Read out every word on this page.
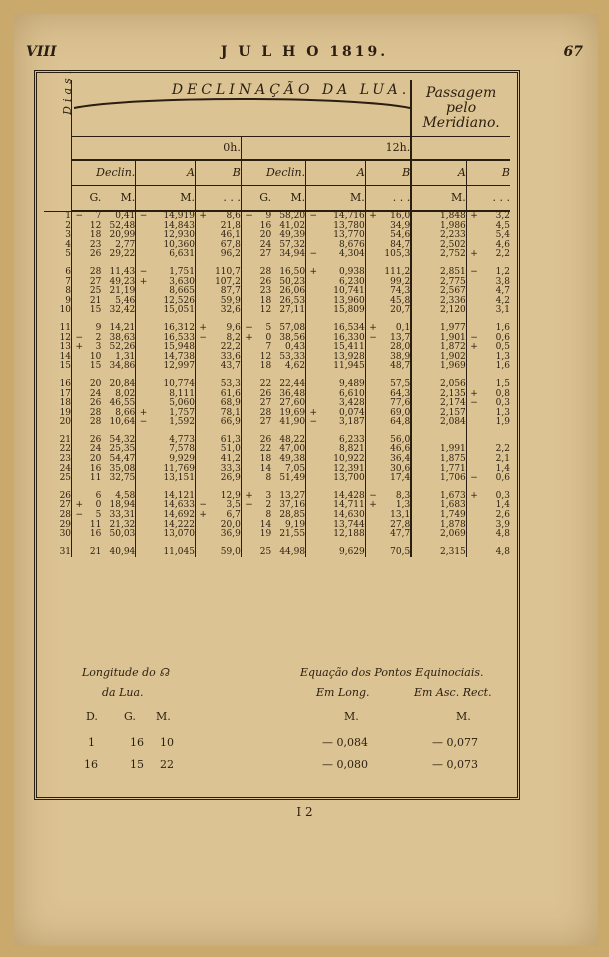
VIII	J U L H O 1819.	67
Dias.	DECLINAÇÃO DA LUA.														Passagem
pelo
Meridiano.		

	0h.							12h.									
	Declin.			A		B		Declin.			A		B		A	B	
	G.		M.	M.		. . .		G.		M.	M.		. . .		M.	. . .	
1	−	7	0,41	−	14,919	+	8,6	−	9	58,20	−	14,716	+	16,0	1,848	+	3,2
2		12	52,48		14,843		21,8		16	41,02		13,780		34,9	1,986		4,5
3		18	20,99		12,930		46,1		20	49,39		13,770		54,6	2,233		5,4
4		23	2,77		10,360		67,8		24	57,32		8,676		84,7	2,502		4,6
5		26	29,22		6,631		96,2		27	34,94	−	4,304		105,3	2,752	+	2,2

6		28	11,43	−	1,751		110,7		28	16,50	+	0,938		111,2	2,851	−	1,2
7		27	49,23	+	3,630		107,2		26	50,23		6,230		99,2	2,775		3,8
8		25	21,19		8,665		87,7		23	26,06		10,741		74,3	2,567		4,7
9		21	5,46		12,526		59,9		18	26,53		13,960		45,8	2,336		4,2
10		15	32,42		15,051		32,6		12	27,11		15,809		20,7	2,120		3,1

11		9	14,21		16,312	+	9,6	−	5	57,08		16,534	+	0,1	1,977		1,6
12	−	2	38,63		16,533	−	8,2	+	0	38,56		16,330	−	13,7	1,901	−	0,6
13	+	3	52,26		15,948		22,2		7	0,43		15,411		28,0	1,872	+	0,5
14		10	1,31		14,738		33,6		12	53,33		13,928		38,9	1,902		1,3
15		15	34,86		12,997		43,7		18	4,62		11,945		48,7	1,969		1,6

16		20	20,84		10,774		53,3		22	22,44		9,489		57,5	2,056		1,5
17		24	8,02		8,111		61,6		26	36,48		6,610		64,3	2,135	+	0,8
18		26	46,55		5,060		68,9		27	27,60		3,428		77,6	2,174	−	0,3
19		28	8,66	+	1,757		78,1		28	19,69	+	0,074		69,0	2,157		1,3
20		28	10,64	−	1,592		66,9		27	41,90	−	3,187		64,8	2,084		1,9

21		26	54,32		4,773		61,3		26	48,22		6,233		56,0			
22		24	25,35		7,578		51,0		22	47,00		8,821		46,6	1,991		2,2
23		20	54,47		9,929		41,2		18	49,38		10,922		36,4	1,875		2,1
24		16	35,08		11,769		33,3		14	7,05		12,391		30,6	1,771		1,4
25		11	32,75		13,151		26,9		8	51,49		13,700		17,4	1,706	−	0,6

26		6	4,58		14,121		12,9	+	3	13,27		14,428	−	8,3	1,673	+	0,3
27	+	0	18,94		14,633	−	3,5	−	2	37,16		14,711	+	1,3	1,683		1,4
28	−	5	33,31		14,692	+	6,7		8	28,85		14,630		13,1	1,749		2,6
29		11	21,32		14,222		20,0		14	9,19		13,744		27,8	1,878		3,9
30		16	50,03		13,070		36,9		19	21,55		12,188		47,7	2,069		4,8

31		21	40,94		11,045		59,0		25	44,98		9,629		70,5	2,315		4,8
Longitude do ☊
da Lua.
D. G. M.
Equação dos Pontos Equinociais.
Em Long.	Em Asc. Rect.
M.	M.
1	16 10	— 0,084	— 0,077
16	15 22	— 0,080	— 0,073
I 2
